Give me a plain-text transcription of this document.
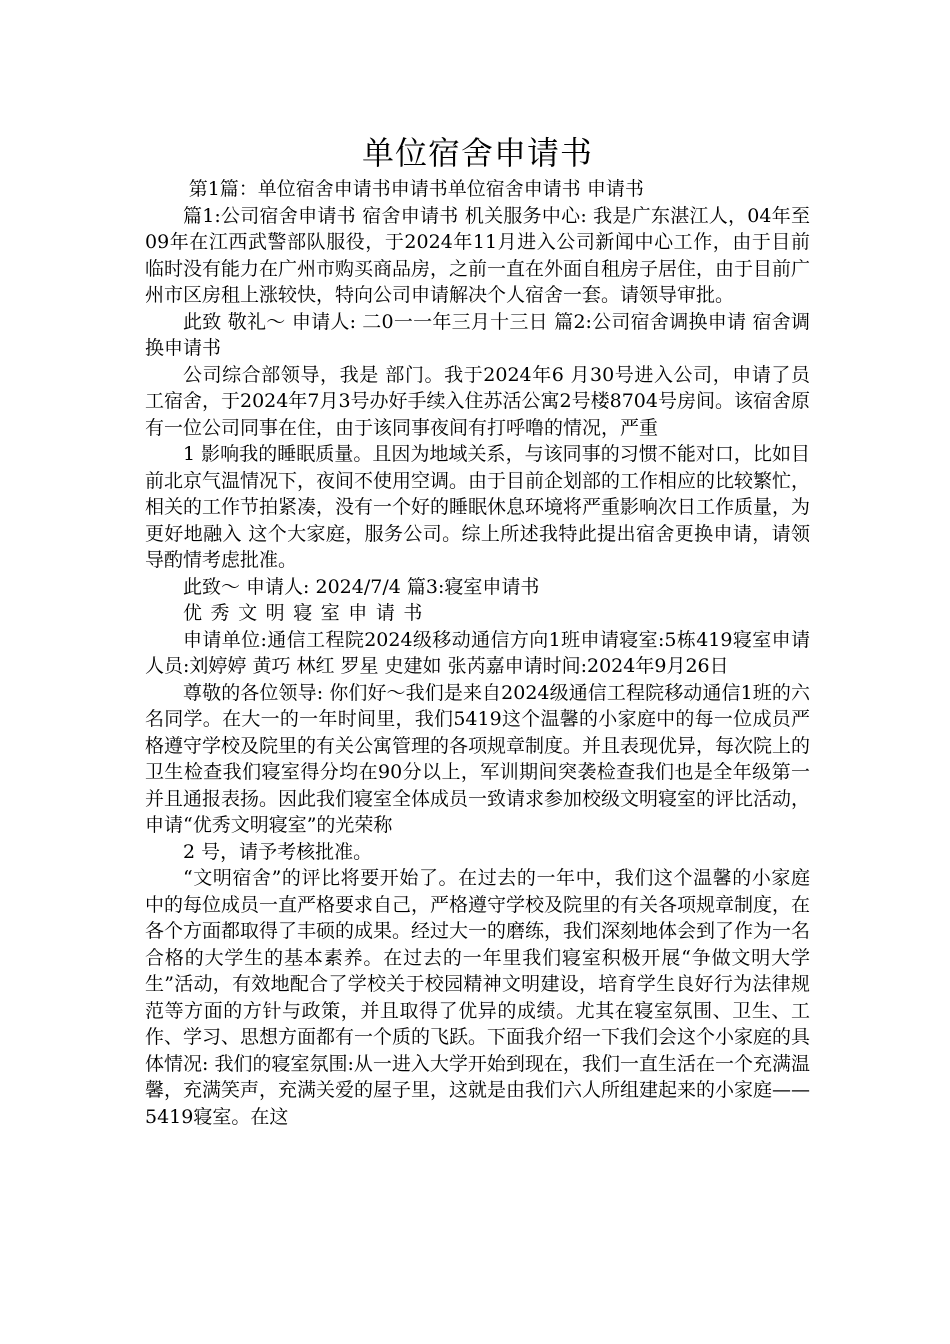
单位宿舍申请书

第1篇：单位宿舍申请书申请书单位宿舍申请书 申请书

篇1:公司宿舍申请书 宿舍申请书 机关服务中心: 我是广东湛江人，04年至09年在江西武警部队服役，于2024年11月进入公司新闻中心工作，由于目前临时没有能力在广州市购买商品房，之前一直在外面自租房子居住，由于目前广州市区房租上涨较快，特向公司申请解决个人宿舍一套。请领导审批。

此致 敬礼～ 申请人: 二0一一年三月十三日 篇2:公司宿舍调换申请 宿舍调换申请书

公司综合部领导，我是 部门。我于2024年6 月30号进入公司，申请了员工宿舍，于2024年7月3号办好手续入住苏活公寓2号楼8704号房间。该宿舍原有一位公司同事在住，由于该同事夜间有打呼噜的情况，严重

1 影响我的睡眠质量。且因为地域关系，与该同事的习惯不能对口，比如目前北京气温情况下，夜间不使用空调。由于目前企划部的工作相应的比较繁忙，相关的工作节拍紧凑，没有一个好的睡眠休息环境将严重影响次日工作质量，为更好地融入 这个大家庭，服务公司。综上所述我特此提出宿舍更换申请，请领导酌情考虑批准。

此致～ 申请人: 2024/7/4 篇3:寝室申请书

优秀文明寝室申请书

申请单位:通信工程院2024级移动通信方向1班申请寝室:5栋419寝室申请人员:刘婷婷 黄巧 林红 罗星 史建如 张芮嘉申请时间:2024年9月26日

尊敬的各位领导: 你们好～我们是来自2024级通信工程院移动通信1班的六名同学。在大一的一年时间里，我们5419这个温馨的小家庭中的每一位成员严格遵守学校及院里的有关公寓管理的各项规章制度。并且表现优异，每次院上的卫生检查我们寝室得分均在90分以上，军训期间突袭检查我们也是全年级第一并且通报表扬。因此我们寝室全体成员一致请求参加校级文明寝室的评比活动，申请“优秀文明寝室”的光荣称

2 号，请予考核批准。

“文明宿舍”的评比将要开始了。在过去的一年中，我们这个温馨的小家庭中的每位成员一直严格要求自己，严格遵守学校及院里的有关各项规章制度，在各个方面都取得了丰硕的成果。经过大一的磨练，我们深刻地体会到了作为一名合格的大学生的基本素养。在过去的一年里我们寝室积极开展“争做文明大学生”活动，有效地配合了学校关于校园精神文明建设，培育学生良好行为法律规范等方面的方针与政策，并且取得了优异的成绩。尤其在寝室氛围、卫生、工作、学习、思想方面都有一个质的飞跃。下面我介绍一下我们会这个小家庭的具体情况: 我们的寝室氛围:从一进入大学开始到现在，我们一直生活在一个充满温馨，充满笑声，充满关爱的屋子里，这就是由我们六人所组建起来的小家庭——5419寝室。在这
